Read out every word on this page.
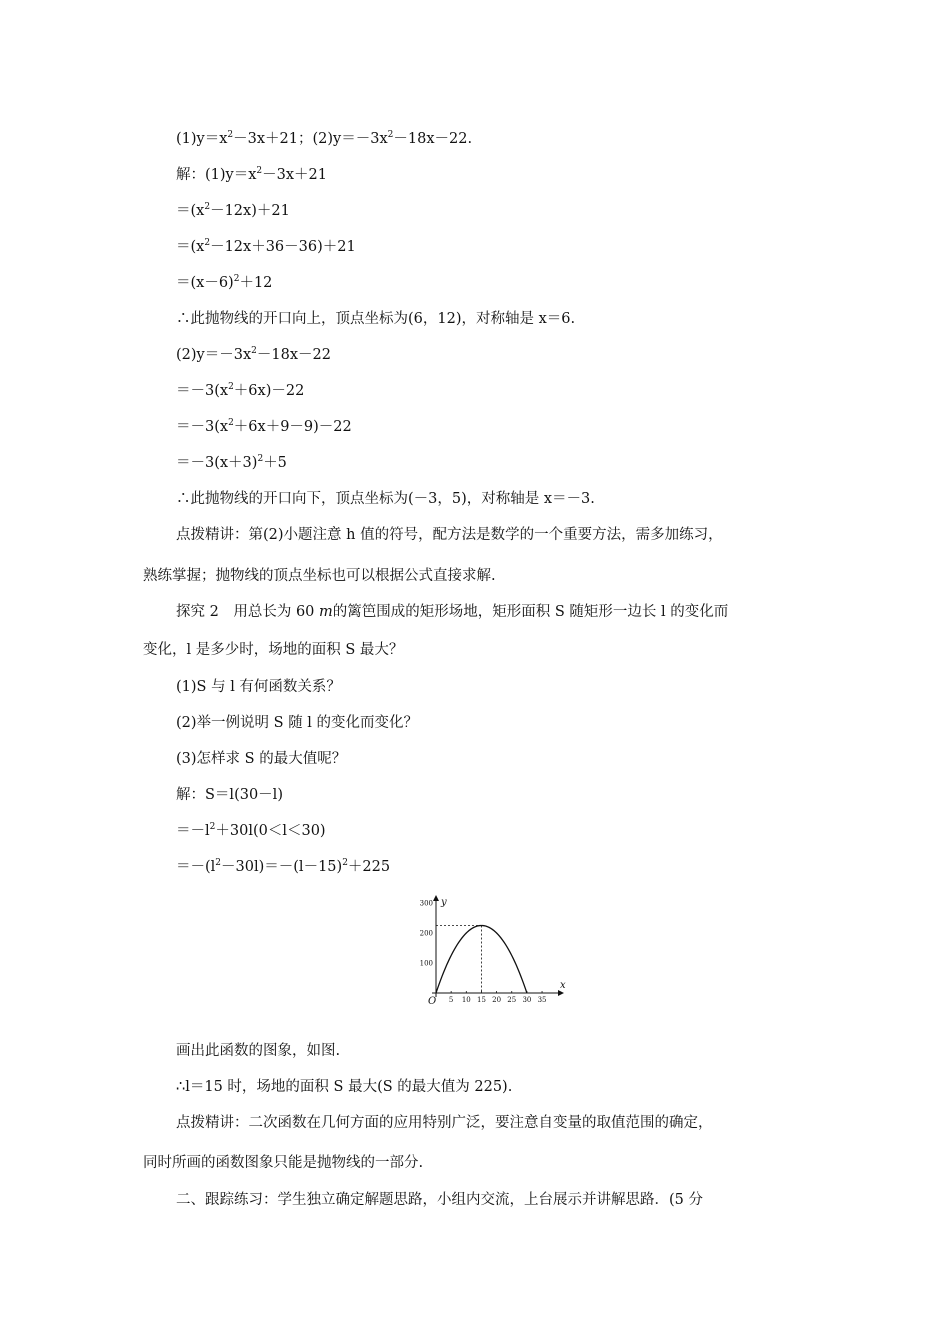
$(1)y=x^2-3x+21$；$(2)y=-3x^2-18x-22$.
解：$(1)y=x^2-3x+21$
$=(x^2-12x)+21$
$=(x^2-12x+36-36)+21$
$=(x-6)^2+12$
∴此抛物线的开口向上，顶点坐标为(6，12)，对称轴是 x＝6.
$(2)y=-3x^2-18x-22$
$=-3(x^2+6x)-22$
$=-3(x^2+6x+9-9)-22$
$=-3(x+3)^2+5$
∴此抛物线的开口向下，顶点坐标为(－3，5)，对称轴是 x＝－3.
点拨精讲：第(2)小题注意 h 值的符号，配方法是数学的一个重要方法，需多加练习，
熟练掌握；抛物线的顶点坐标也可以根据公式直接求解.
探究 2　用总长为 60 m的篱笆围成的矩形场地，矩形面积 S 随矩形一边长 l 的变化而
变化，l 是多少时，场地的面积 S 最大？
(1)S 与 l 有何函数关系？
(2)举一例说明 S 随 l 的变化而变化？
(3)怎样求 S 的最大值呢？
解：S＝l(30－l)
$=-l^2+30l(0<l<30)$
$=-(l^2-30l)=-(l-15)^2+225$
x
y
O 5 10 15 20 25 30 35
100
200
300
画出此函数的图象，如图.
∴l＝15 时，场地的面积 S 最大(S 的最大值为 225).
点拨精讲：二次函数在几何方面的应用特别广泛，要注意自变量的取值范围的确定，
同时所画的函数图象只能是抛物线的一部分.
二、跟踪练习：学生独立确定解题思路，小组内交流，上台展示并讲解思路．(5 分
